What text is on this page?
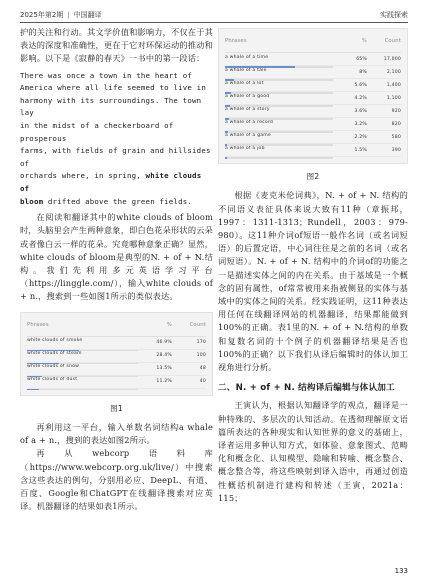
2025年第2期 | 中国翻译	实践探索

护的关注和行动。其文学价值和影响力，不仅在于其表达的深度和准确性，更在于它对环保运动的推动和影响。以下是《寂静的春天》一书中的第一段话：

There was once a town in the heart of
America where all life seemed to live in
harmony with its surroundings. The town lay
in the midst of a checkerboard of prosperous
farms, with fields of grain and hillsides of
orchards where, in spring, white clouds of
bloom drifted above the green fields.

在阅读和翻译其中的white clouds of bloom时，头脑里会产生两种意象，即白色花朵形状的云朵或者像白云一样的花朵。究竟哪种意象正确？显然，white clouds of bloom是典型的N. + of + N.结构。我们先利用多元英语学习平台（https://linggle.com/），输入white clouds of + n.，搜索到一些如图1所示的类似表达。

Phrases	%	Count
white clouds of smoke	46.9%	170
white clouds of steam	28.4%	100
white clouds of snow	13.5%	48
white clouds of dust	11.2%	40
图1

再利用这一平台，输入单数名词结构a whale of a + n.，搜到的表达如图2所示。

再从webcorp语料库（https://www.webcorp.org.uk/live/）中搜索含这些表达的例句，分别用必应、DeepL、有道、百度、Google和ChatGPT在线翻译搜索对应英译。机器翻译的结果如表1所示。

Phrases	%	Count
a whale of a time	65%	17,000
a whale of a tale	8%	2,100
a whale of a lot	5.6%	1,400
a whale of a good	4.2%	1,100
a whale of a story	3.6%	920
a whale of a record	3.2%	820
a whale of a game	2.2%	580
a whale of a job	1.5%	390
图2

根据《麦克米伦词典》，N. + of + N. 结构的不同语义表征具体来说大致有11种（章振邦，1997：1311-1313；Rundell，2003：979-980）。这11种介词of短语一般作名词（或名词短语）的后置定语，中心词往往是之前的名词（或名词短语）。N. + of + N. 结构中的介词of的功能之一是描述实体之间的内在关系。由于基域是一个概念的固有属性，of常常被用来指被侧显的实体与基域中的实体之间的关系。经实践证明，这11种表达用任何在线翻译网站的机器翻译，结果都能做到100%的正确。表1里的N. + of + N.结构的单数和复数名词的十个例子的机器翻译结果是否也100%的正确？以下我们从译后编辑时的体认加工视角进行分析。

二、N. + of + N. 结构译后编辑与体认加工

王寅认为，根据认知翻译学的观点，翻译是一种特殊的、多层次的认知活动。在透彻理解原文语篇所表达的各种现实和认知世界的意义的基础上，译者运用多种认知方式，如体验、意象图式、范畴化和概念化、认知模型、隐喻和转喻、概念整合、概念整合等，将这些映射到译入语中，再通过创造性概括机制进行建构和转述（王寅，2021a：115；

133
